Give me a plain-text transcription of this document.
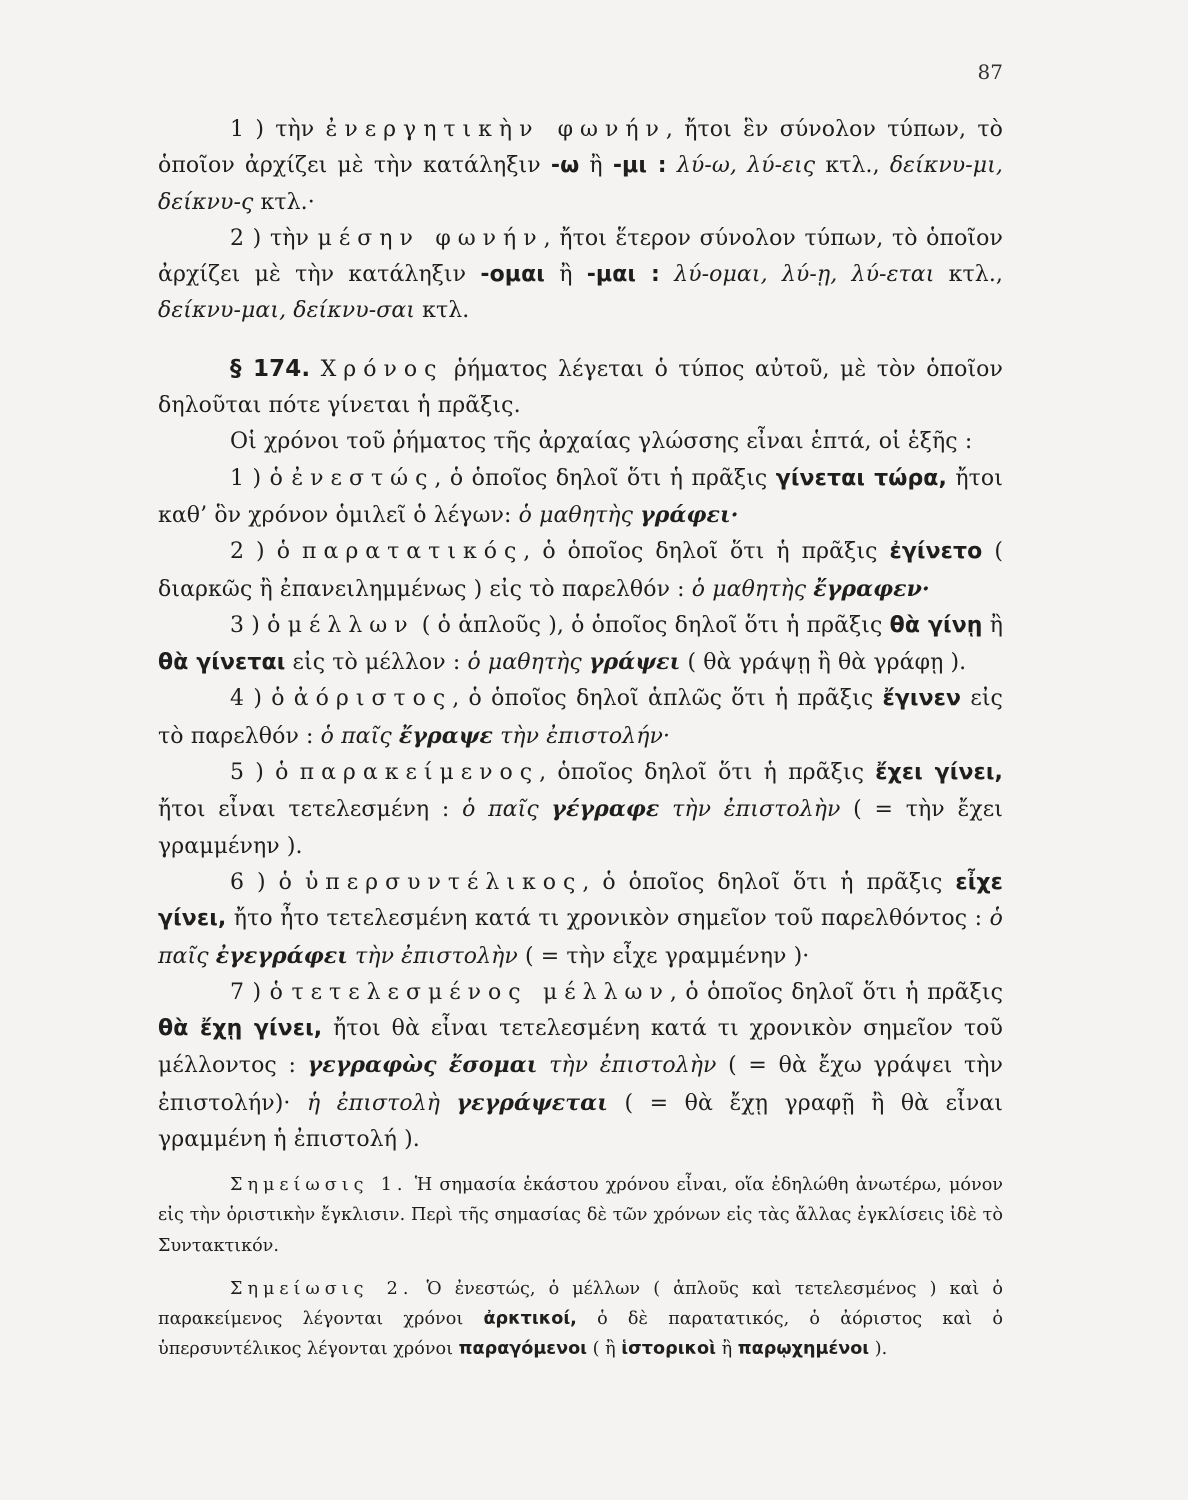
87

1 ) τὴν ἐνεργητικὴν φωνήν, ἤτοι ἓν σύνολον τύπων, τὸ ὁποῖον ἀρχίζει μὲ τὴν κατάληξιν -ω ἢ -μι : λύ-ω, λύ-εις κτλ., δείκνυ-μι, δείκνυ-ς κτλ.·

2 ) τὴν μέσην φωνήν, ἤτοι ἕτερον σύνολον τύπων, τὸ ὁποῖον ἀρχίζει μὲ τὴν κατάληξιν -ομαι ἢ -μαι : λύ-ομαι, λύ-ῃ, λύ-εται κτλ., δείκνυ-μαι, δείκνυ-σαι κτλ.

§ 174. Χρόνος ῥήματος λέγεται ὁ τύπος αὐτοῦ, μὲ τὸν ὁποῖον δηλοῦται πότε γίνεται ἡ πρᾶξις.

Οἱ χρόνοι τοῦ ῥήματος τῆς ἀρχαίας γλώσσης εἶναι ἑπτά, οἱ ἑξῆς :

1 ) ὁ ἐνεστώς, ὁ ὁποῖος δηλοῖ ὅτι ἡ πρᾶξις γίνεται τώρα, ἤτοι καθ’ ὃν χρόνον ὁμιλεῖ ὁ λέγων: ὁ μαθητὴς γράφει·

2 ) ὁ παρατατικός, ὁ ὁποῖος δηλοῖ ὅτι ἡ πρᾶξις ἐγίνετο ( διαρκῶς ἢ ἐπανειλημμένως ) εἰς τὸ παρελθόν : ὁ μαθητὴς ἔγραφεν·

3 ) ὁ μέλλων ( ὁ ἁπλοῦς ), ὁ ὁποῖος δηλοῖ ὅτι ἡ πρᾶξις θὰ γίνῃ ἢ θὰ γίνεται εἰς τὸ μέλλον : ὁ μαθητὴς γράψει ( θὰ γράψῃ ἢ θὰ γράφῃ ).

4 ) ὁ ἀόριστος, ὁ ὁποῖος δηλοῖ ἁπλῶς ὅτι ἡ πρᾶξις ἔγινεν εἰς τὸ παρελθόν : ὁ παῖς ἔγραψε τὴν ἐπιστολήν·

5 ) ὁ παρακείμενος, ὁποῖος δηλοῖ ὅτι ἡ πρᾶξις ἔχει γίνει, ἤτοι εἶναι τετελεσμένη : ὁ παῖς γέγραφε τὴν ἐπιστολὴν ( = τὴν ἔχει γραμμένην ).

6 ) ὁ ὑπερσυντέλικος, ὁ ὁποῖος δηλοῖ ὅτι ἡ πρᾶξις εἶχε γίνει, ἤτο ἦτο τετελεσμένη κατά τι χρονικὸν σημεῖον τοῦ παρελθόντος : ὁ παῖς ἐγεγράφει τὴν ἐπιστολὴν ( = τὴν εἶχε γραμμένην )·

7 ) ὁ τετελεσμένος μέλλων, ὁ ὁποῖος δηλοῖ ὅτι ἡ πρᾶξις θὰ ἔχῃ γίνει, ἤτοι θὰ εἶναι τετελεσμένη κατά τι χρονικὸν σημεῖον τοῦ μέλλοντος : γεγραφὼς ἔσομαι τὴν ἐπιστολὴν ( = θὰ ἔχω γράψει τὴν ἐπιστολήν)· ἡ ἐπιστολὴ γεγράψεται ( = θὰ ἔχῃ γραφῇ ἢ θὰ εἶναι γραμμένη ἡ ἐπιστολή ).

Σημείωσις 1. Ἡ σημασία ἑκάστου χρόνου εἶναι, οἵα ἐδηλώθη ἀνωτέρω, μόνον εἰς τὴν ὁριστικὴν ἔγκλισιν. Περὶ τῆς σημασίας δὲ τῶν χρόνων εἰς τὰς ἄλλας ἐγκλίσεις ἰδὲ τὸ Συντακτικόν.

Σημείωσις 2. Ὁ ἐνεστώς, ὁ μέλλων ( ἁπλοῦς καὶ τετελεσμένος ) καὶ ὁ παρακείμενος λέγονται χρόνοι ἀρκτικοί, ὁ δὲ παρατατικός, ὁ ἀόριστος καὶ ὁ ὑπερσυντέλικος λέγονται χρόνοι παραγόμενοι ( ἢ ἱστορικοὶ ἢ παρῳχημένοι ).
